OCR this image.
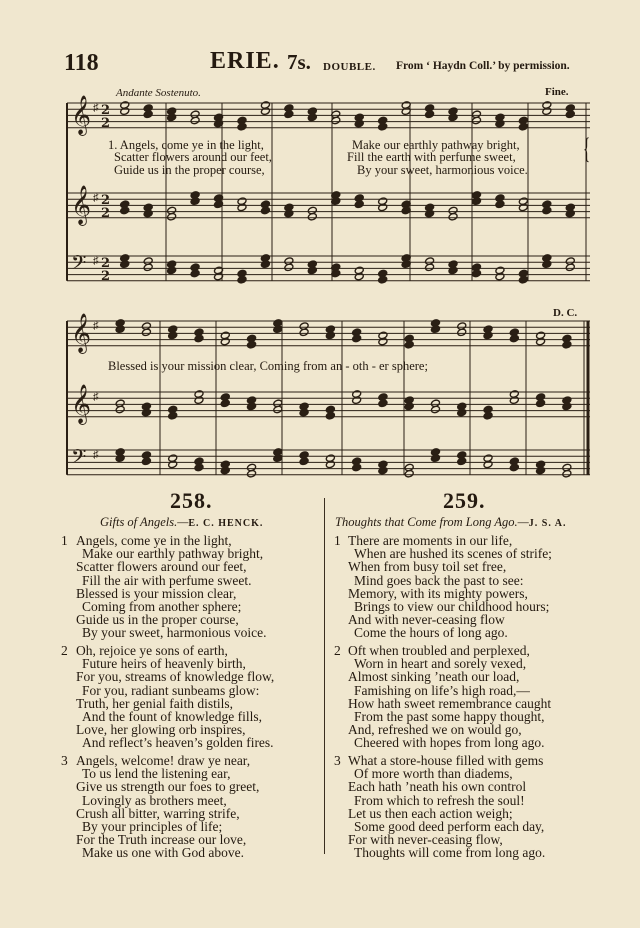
118	ERIE. 7s. DOUBLE. From ‘ Haydn Coll.’ by permission.
Andante Sostenuto.	Fine.
D. C.
𝄞 ♯ 2
2
𝄞 ♯ 2
2
𝄢 ♯ 2
2
𝄞 ♯
𝄞 ♯
𝄢 ♯
1. Angels, come ye in the light,
Scatter flowers around our feet,
Guide us in the proper course,
Make our earthly pathway bright,
Fill the earth with perfume sweet,
By your sweet, harmonious voice.
{
Blessed is your mission clear, Coming from an - oth - er sphere;
258.
Gifts of Angels.—E. C. HENCK.
1 Angels, come ye in the light,
Make our earthly pathway bright,
Scatter flowers around our feet,
Fill the air with perfume sweet.
Blessed is your mission clear,
Coming from another sphere;
Guide us in the proper course,
By your sweet, harmonious voice.
2 Oh, rejoice ye sons of earth,
Future heirs of heavenly birth,
For you, streams of knowledge flow,
For you, radiant sunbeams glow:
Truth, her genial faith distils,
And the fount of knowledge fills,
Love, her glowing orb inspires,
And reflect’s heaven’s golden fires.
3 Angels, welcome! draw ye near,
To us lend the listening ear,
Give us strength our foes to greet,
Lovingly as brothers meet,
Crush all bitter, warring strife,
By your principles of life;
For the Truth increase our love,
Make us one with God above.
259.
Thoughts that Come from Long Ago.—J. S. A.
1 There are moments in our life,
When are hushed its scenes of strife;
When from busy toil set free,
Mind goes back the past to see:
Memory, with its mighty powers,
Brings to view our childhood hours;
And with never-ceasing flow
Come the hours of long ago.
2 Oft when troubled and perplexed,
Worn in heart and sorely vexed,
Almost sinking ’neath our load,
Famishing on life’s high road,—
How hath sweet remembrance caught
From the past some happy thought,
And, refreshed we on would go,
Cheered with hopes from long ago.
3 What a store-house filled with gems
Of more worth than diadems,
Each hath ’neath his own control
From which to refresh the soul!
Let us then each action weigh;
Some good deed perform each day,
For with never-ceasing flow,
Thoughts will come from long ago.
